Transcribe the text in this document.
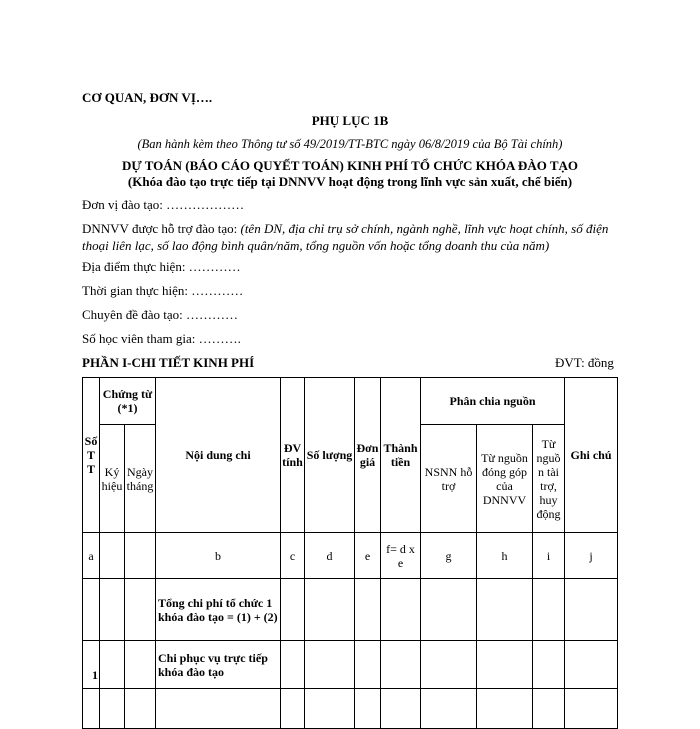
CƠ QUAN, ĐƠN VỊ….
PHỤ LỤC 1B
(Ban hành kèm theo Thông tư số 49/2019/TT-BTC ngày 06/8/2019 của Bộ Tài chính)
DỰ TOÁN (BÁO CÁO QUYẾT TOÁN) KINH PHÍ TỔ CHỨC KHÓA ĐÀO TẠO
(Khóa đào tạo trực tiếp tại DNNVV hoạt động trong lĩnh vực sản xuất, chế biến)
Đơn vị đào tạo: ………………
DNNVV được hỗ trợ đào tạo: (tên DN, địa chỉ trụ sở chính, ngành nghề, lĩnh vực hoạt chính, số điện thoại liên lạc, số lao động bình quân/năm, tổng nguồn vốn hoặc tổng doanh thu của năm)
Địa điểm thực hiện: …………
Thời gian thực hiện: …………
Chuyên đề đào tạo: …………
Số học viên tham gia: ……….
PHẦN I-CHI TIẾT KINH PHÍ	ĐVT: đồng
Số TT	Chứng từ (*1)		Nội dung chi	ĐV tính	Số lượng	Đơn giá	Thành tiền	Phân chia nguồn			Ghi chú
	Ký hiệu	Ngày tháng						NSNN hỗ trợ	Từ nguồn đóng góp của DNNVV	Từ nguồn tài trợ, huy động	
a			b	c	d	e	f= d x e	g	h	i	j
			Tổng chi phí tổ chức 1 khóa đào tạo = (1) + (2)								
1			Chi phục vụ trực tiếp khóa đào tạo								
